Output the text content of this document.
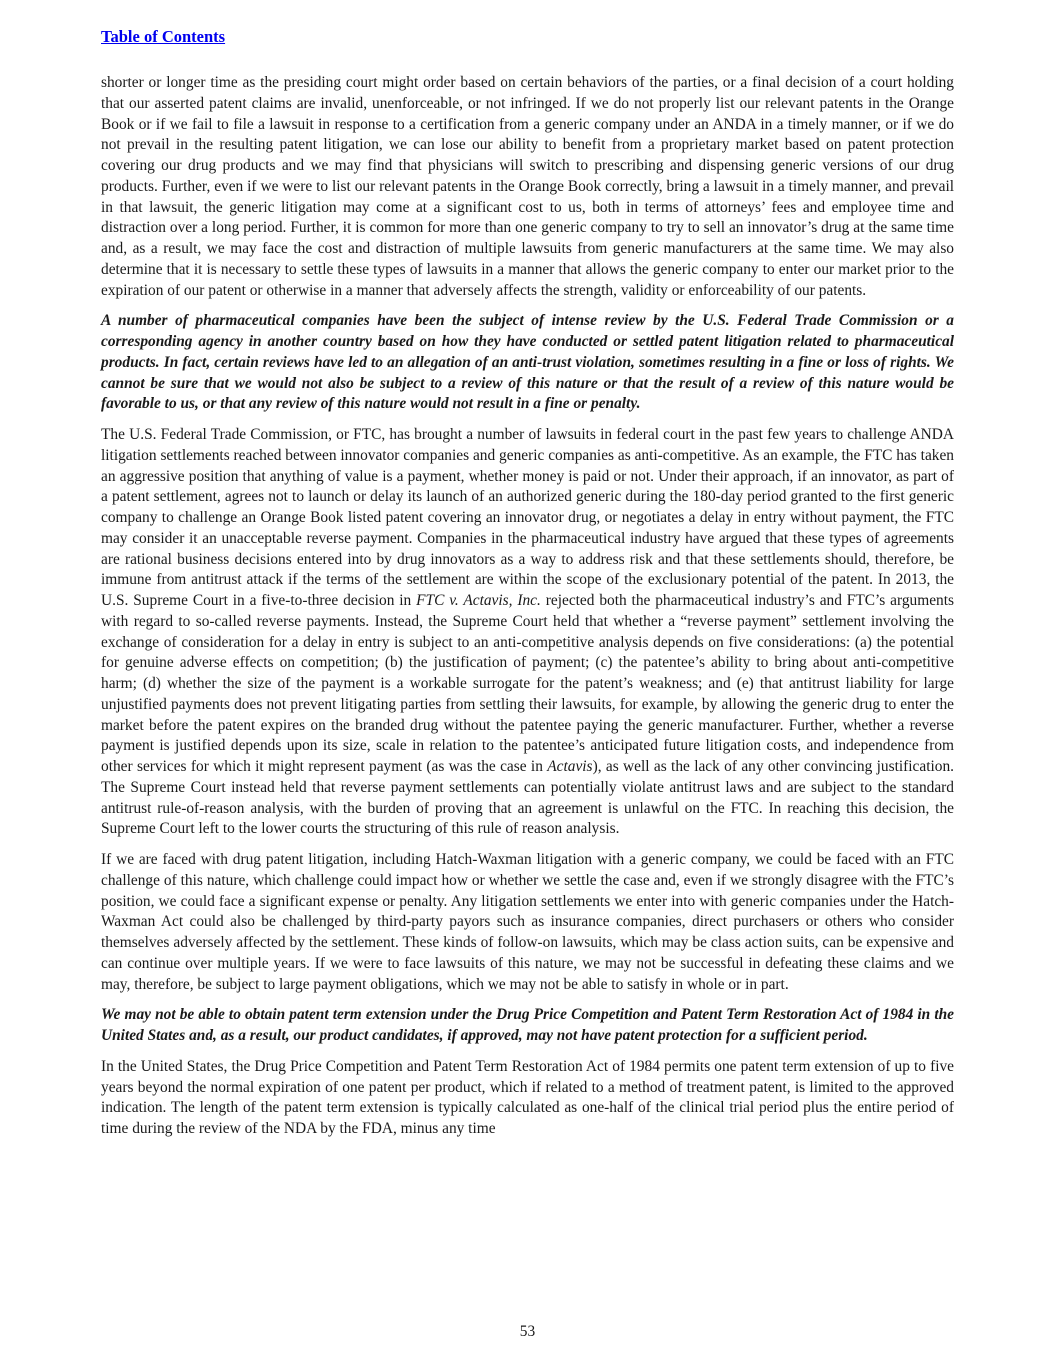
Table of Contents

shorter or longer time as the presiding court might order based on certain behaviors of the parties, or a final decision of a court holding that our asserted patent claims are invalid, unenforceable, or not infringed. If we do not properly list our relevant patents in the Orange Book or if we fail to file a lawsuit in response to a certification from a generic company under an ANDA in a timely manner, or if we do not prevail in the resulting patent litigation, we can lose our ability to benefit from a proprietary market based on patent protection covering our drug products and we may find that physicians will switch to prescribing and dispensing generic versions of our drug products. Further, even if we were to list our relevant patents in the Orange Book correctly, bring a lawsuit in a timely manner, and prevail in that lawsuit, the generic litigation may come at a significant cost to us, both in terms of attorneys’ fees and employee time and distraction over a long period. Further, it is common for more than one generic company to try to sell an innovator’s drug at the same time and, as a result, we may face the cost and distraction of multiple lawsuits from generic manufacturers at the same time. We may also determine that it is necessary to settle these types of lawsuits in a manner that allows the generic company to enter our market prior to the expiration of our patent or otherwise in a manner that adversely affects the strength, validity or enforceability of our patents.

A number of pharmaceutical companies have been the subject of intense review by the U.S. Federal Trade Commission or a corresponding agency in another country based on how they have conducted or settled patent litigation related to pharmaceutical products. In fact, certain reviews have led to an allegation of an anti-trust violation, sometimes resulting in a fine or loss of rights. We cannot be sure that we would not also be subject to a review of this nature or that the result of a review of this nature would be favorable to us, or that any review of this nature would not result in a fine or penalty.

The U.S. Federal Trade Commission, or FTC, has brought a number of lawsuits in federal court in the past few years to challenge ANDA litigation settlements reached between innovator companies and generic companies as anti-competitive. As an example, the FTC has taken an aggressive position that anything of value is a payment, whether money is paid or not. Under their approach, if an innovator, as part of a patent settlement, agrees not to launch or delay its launch of an authorized generic during the 180-day period granted to the first generic company to challenge an Orange Book listed patent covering an innovator drug, or negotiates a delay in entry without payment, the FTC may consider it an unacceptable reverse payment. Companies in the pharmaceutical industry have argued that these types of agreements are rational business decisions entered into by drug innovators as a way to address risk and that these settlements should, therefore, be immune from antitrust attack if the terms of the settlement are within the scope of the exclusionary potential of the patent. In 2013, the U.S. Supreme Court in a five-to-three decision in FTC v. Actavis, Inc. rejected both the pharmaceutical industry’s and FTC’s arguments with regard to so-called reverse payments. Instead, the Supreme Court held that whether a “reverse payment” settlement involving the exchange of consideration for a delay in entry is subject to an anti-competitive analysis depends on five considerations: (a) the potential for genuine adverse effects on competition; (b) the justification of payment; (c) the patentee’s ability to bring about anti-competitive harm; (d) whether the size of the payment is a workable surrogate for the patent’s weakness; and (e) that antitrust liability for large unjustified payments does not prevent litigating parties from settling their lawsuits, for example, by allowing the generic drug to enter the market before the patent expires on the branded drug without the patentee paying the generic manufacturer. Further, whether a reverse payment is justified depends upon its size, scale in relation to the patentee’s anticipated future litigation costs, and independence from other services for which it might represent payment (as was the case in Actavis), as well as the lack of any other convincing justification. The Supreme Court instead held that reverse payment settlements can potentially violate antitrust laws and are subject to the standard antitrust rule-of-reason analysis, with the burden of proving that an agreement is unlawful on the FTC. In reaching this decision, the Supreme Court left to the lower courts the structuring of this rule of reason analysis.

If we are faced with drug patent litigation, including Hatch-Waxman litigation with a generic company, we could be faced with an FTC challenge of this nature, which challenge could impact how or whether we settle the case and, even if we strongly disagree with the FTC’s position, we could face a significant expense or penalty. Any litigation settlements we enter into with generic companies under the Hatch-Waxman Act could also be challenged by third-party payors such as insurance companies, direct purchasers or others who consider themselves adversely affected by the settlement. These kinds of follow-on lawsuits, which may be class action suits, can be expensive and can continue over multiple years. If we were to face lawsuits of this nature, we may not be successful in defeating these claims and we may, therefore, be subject to large payment obligations, which we may not be able to satisfy in whole or in part.

We may not be able to obtain patent term extension under the Drug Price Competition and Patent Term Restoration Act of 1984 in the United States and, as a result, our product candidates, if approved, may not have patent protection for a sufficient period.

In the United States, the Drug Price Competition and Patent Term Restoration Act of 1984 permits one patent term extension of up to five years beyond the normal expiration of one patent per product, which if related to a method of treatment patent, is limited to the approved indication. The length of the patent term extension is typically calculated as one-half of the clinical trial period plus the entire period of time during the review of the NDA by the FDA, minus any time

53
